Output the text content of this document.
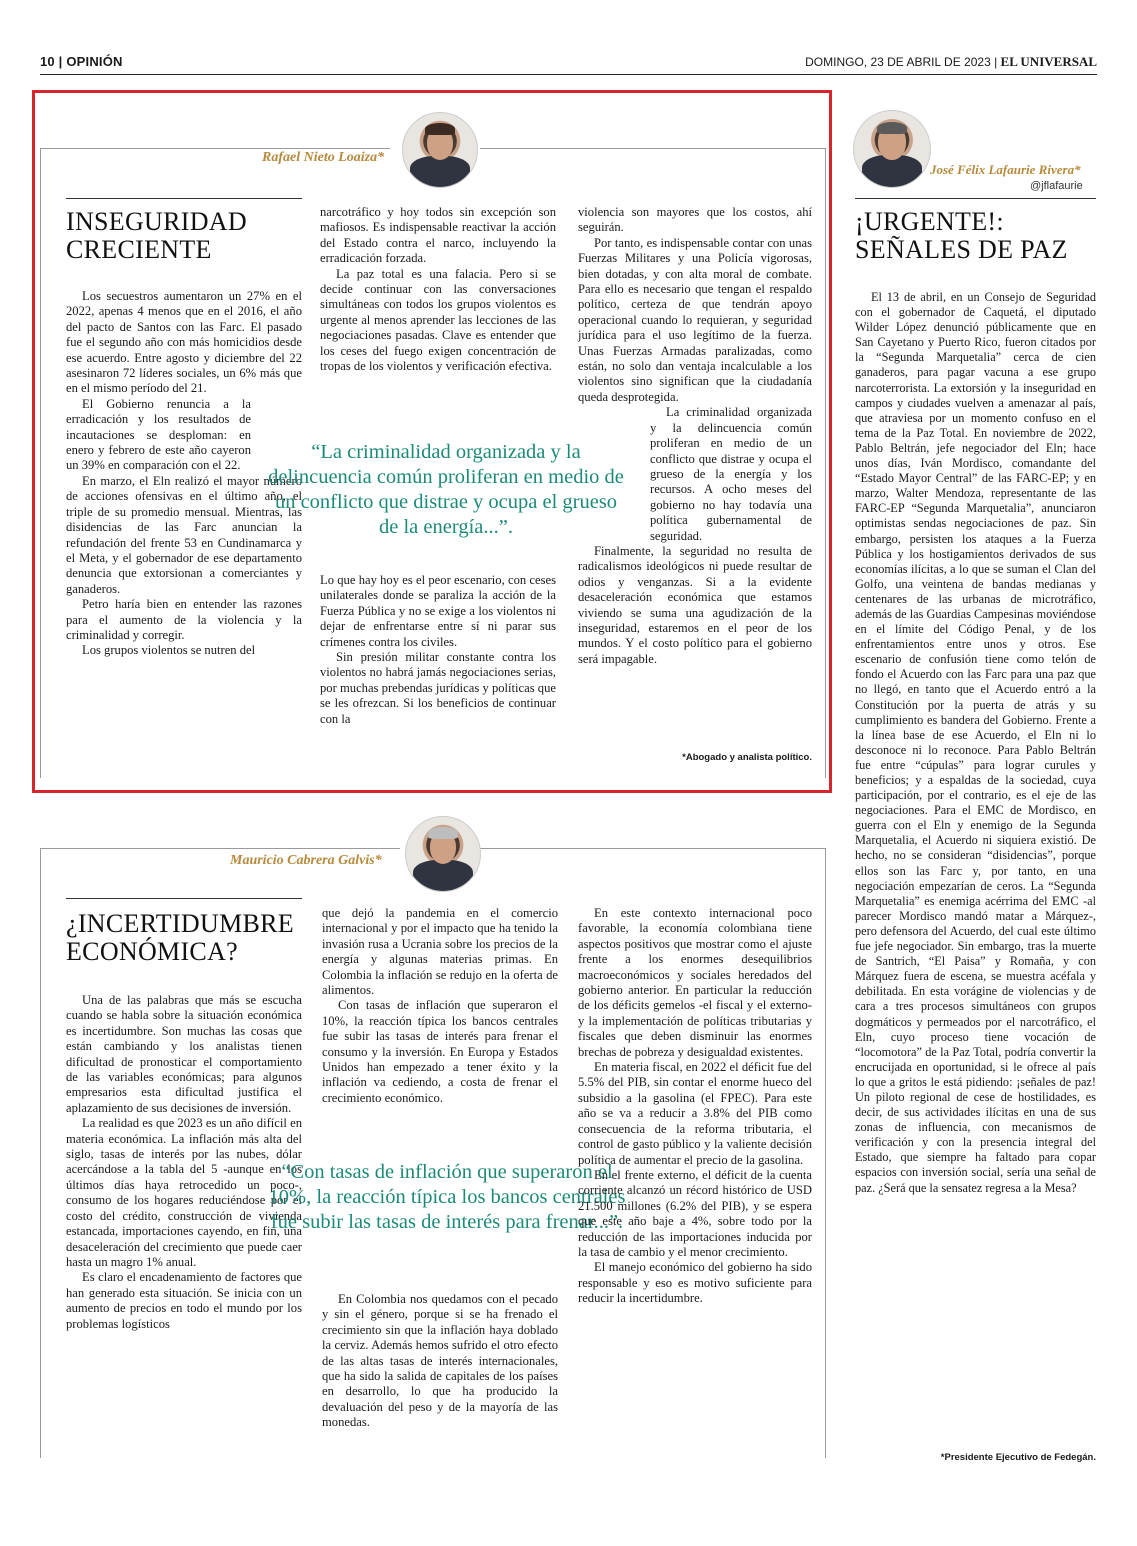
10 | OPINIÓN	DOMINGO, 23 DE ABRIL DE 2023 | EL UNIVERSAL
Rafael Nieto Loaiza*
INSEGURIDAD CRECIENTE

Los secuestros aumentaron un 27% en el 2022, apenas 4 menos que en el 2016, el año del pacto de Santos con las Farc. El pasado fue el segundo año con más homicidios desde ese acuerdo. Entre agosto y diciembre del 22 asesinaron 72 líderes sociales, un 6% más que en el mismo período del 21.

El Gobierno renuncia a la erradicación y los resultados de incautaciones se desploman: en enero y febrero de este año cayeron un 39% en comparación con el 22.

En marzo, el Eln realizó el mayor número de acciones ofensivas en el último año, el triple de su promedio mensual. Mientras, las disidencias de las Farc anuncian la refundación del frente 53 en Cundinamarca y el Meta, y el gobernador de ese departamento denuncia que extorsionan a comerciantes y ganaderos.

Petro haría bien en entender las razones para el aumento de la violencia y la criminalidad y corregir.

Los grupos violentos se nutren del

narcotráfico y hoy todos sin excepción son mafiosos. Es indispensable reactivar la acción del Estado contra el narco, incluyendo la erradicación forzada.

La paz total es una falacia. Pero si se decide continuar con las conversaciones simultáneas con todos los grupos violentos es urgente al menos aprender las lecciones de las negociaciones pasadas. Clave es entender que los ceses del fuego exigen concentración de tropas de los violentos y verificación efectiva.

“La criminalidad organizada y la delincuencia común proliferan en medio de un conflicto que distrae y ocupa el grueso de la energía...”.

Lo que hay hoy es el peor escenario, con ceses unilaterales donde se paraliza la acción de la Fuerza Pública y no se exige a los violentos ni dejar de enfrentarse entre sí ni parar sus crímenes contra los civiles.

Sin presión militar constante contra los violentos no habrá jamás negociaciones serias, por muchas prebendas jurídicas y políticas que se les ofrezcan. Si los beneficios de continuar con la

violencia son mayores que los costos, ahí seguirán.

Por tanto, es indispensable contar con unas Fuerzas Militares y una Policía vigorosas, bien dotadas, y con alta moral de combate. Para ello es necesario que tengan el respaldo político, certeza de que tendrán apoyo operacional cuando lo requieran, y seguridad jurídica para el uso legítimo de la fuerza. Unas Fuerzas Armadas paralizadas, como están, no solo dan ventaja incalculable a los violentos sino significan que la ciudadanía queda desprotegida.

La criminalidad organizada y la delincuencia común proliferan en medio de un conflicto que distrae y ocupa el grueso de la energía y los recursos. A ocho meses del gobierno no hay todavía una política gubernamental de seguridad.

Finalmente, la seguridad no resulta de radicalismos ideológicos ni puede resultar de odios y venganzas. Si a la evidente desaceleración económica que estamos viviendo se suma una agudización de la inseguridad, estaremos en el peor de los mundos. Y el costo político para el gobierno será impagable.

*Abogado y analista político.
Mauricio Cabrera Galvis*
¿INCERTIDUMBRE ECONÓMICA?

Una de las palabras que más se escucha cuando se habla sobre la situación económica es incertidumbre. Son muchas las cosas que están cambiando y los analistas tienen dificultad de pronosticar el comportamiento de las variables económicas; para algunos empresarios esta dificultad justifica el aplazamiento de sus decisiones de inversión.

La realidad es que 2023 es un año difícil en materia económica. La inflación más alta del siglo, tasas de interés por las nubes, dólar acercándose a la tabla del 5 -aunque en los últimos días haya retrocedido un poco-, consumo de los hogares reduciéndose por el costo del crédito, construcción de vivienda estancada, importaciones cayendo, en fin, una desaceleración del crecimiento que puede caer hasta un magro 1% anual.

Es claro el encadenamiento de factores que han generado esta situación. Se inicia con un aumento de precios en todo el mundo por los problemas logísticos

que dejó la pandemia en el comercio internacional y por el impacto que ha tenido la invasión rusa a Ucrania sobre los precios de la energía y algunas materias primas. En Colombia la inflación se redujo en la oferta de alimentos.

Con tasas de inflación que superaron el 10%, la reacción típica los bancos centrales fue subir las tasas de interés para frenar el consumo y la inversión. En Europa y Estados Unidos han empezado a tener éxito y la inflación va cediendo, a costa de frenar el crecimiento económico.

“Con tasas de inflación que superaron el 10%, la reacción típica los bancos centrales fue subir las tasas de interés para frenar...”.

En Colombia nos quedamos con el pecado y sin el género, porque si se ha frenado el crecimiento sin que la inflación haya doblado la cerviz. Además hemos sufrido el otro efecto de las altas tasas de interés internacionales, que ha sido la salida de capitales de los países en desarrollo, lo que ha producido la devaluación del peso y de la mayoría de las monedas.

En este contexto internacional poco favorable, la economía colombiana tiene aspectos positivos que mostrar como el ajuste frente a los enormes desequilibrios macroeconómicos y sociales heredados del gobierno anterior. En particular la reducción de los déficits gemelos -el fiscal y el externo- y la implementación de políticas tributarias y fiscales que deben disminuir las enormes brechas de pobreza y desigualdad existentes.

En materia fiscal, en 2022 el déficit fue del 5.5% del PIB, sin contar el enorme hueco del subsidio a la gasolina (el FPEC). Para este año se va a reducir a 3.8% del PIB como consecuencia de la reforma tributaria, el control de gasto público y la valiente decisión política de aumentar el precio de la gasolina.

En el frente externo, el déficit de la cuenta corriente alcanzó un récord histórico de USD 21.500 millones (6.2% del PIB), y se espera que este año baje a 4%, sobre todo por la reducción de las importaciones inducida por la tasa de cambio y el menor crecimiento.

El manejo económico del gobierno ha sido responsable y eso es motivo suficiente para reducir la incertidumbre.

José Félix Lafaurie Rivera*
@jflafaurie
¡URGENTE!: SEÑALES DE PAZ

El 13 de abril, en un Consejo de Seguridad con el gobernador de Caquetá, el diputado Wilder López denunció públicamente que en San Cayetano y Puerto Rico, fueron citados por la “Segunda Marquetalia” cerca de cien ganaderos, para pagar vacuna a ese grupo narcoterrorista. La extorsión y la inseguridad en campos y ciudades vuelven a amenazar al país, que atraviesa por un momento confuso en el tema de la Paz Total. En noviembre de 2022, Pablo Beltrán, jefe negociador del Eln; hace unos días, Iván Mordisco, comandante del “Estado Mayor Central” de las FARC-EP; y en marzo, Walter Mendoza, representante de las FARC-EP “Segunda Marquetalia”, anunciaron optimistas sendas negociaciones de paz. Sin embargo, persisten los ataques a la Fuerza Pública y los hostigamientos derivados de sus economías ilícitas, a lo que se suman el Clan del Golfo, una veintena de bandas medianas y centenares de las urbanas de microtráfico, además de las Guardias Campesinas moviéndose en el límite del Código Penal, y de los enfrentamientos entre unos y otros. Ese escenario de confusión tiene como telón de fondo el Acuerdo con las Farc para una paz que no llegó, en tanto que el Acuerdo entró a la Constitución por la puerta de atrás y su cumplimiento es bandera del Gobierno. Frente a la línea base de ese Acuerdo, el Eln ni lo desconoce ni lo reconoce. Para Pablo Beltrán fue entre “cúpulas” para lograr curules y beneficios; y a espaldas de la sociedad, cuya participación, por el contrario, es el eje de las negociaciones. Para el EMC de Mordisco, en guerra con el Eln y enemigo de la Segunda Marquetalia, el Acuerdo ni siquiera existió. De hecho, no se consideran “disidencias”, porque ellos son las Farc y, por tanto, en una negociación empezarían de ceros. La “Segunda Marquetalia” es enemiga acérrima del EMC -al parecer Mordisco mandó matar a Márquez-, pero defensora del Acuerdo, del cual este último fue jefe negociador. Sin embargo, tras la muerte de Santrich, “El Paisa” y Romaña, y con Márquez fuera de escena, se muestra acéfala y debilitada. En esta vorágine de violencias y de cara a tres procesos simultáneos con grupos dogmáticos y permeados por el narcotráfico, el Eln, cuyo proceso tiene vocación de “locomotora” de la Paz Total, podría convertir la encrucijada en oportunidad, si le ofrece al país lo que a gritos le está pidiendo: ¡señales de paz! Un piloto regional de cese de hostilidades, es decir, de sus actividades ilícitas en una de sus zonas de influencia, con mecanismos de verificación y con la presencia integral del Estado, que siempre ha faltado para copar espacios con inversión social, sería una señal de paz. ¿Será que la sensatez regresa a la Mesa?

*Presidente Ejecutivo de Fedegán.
